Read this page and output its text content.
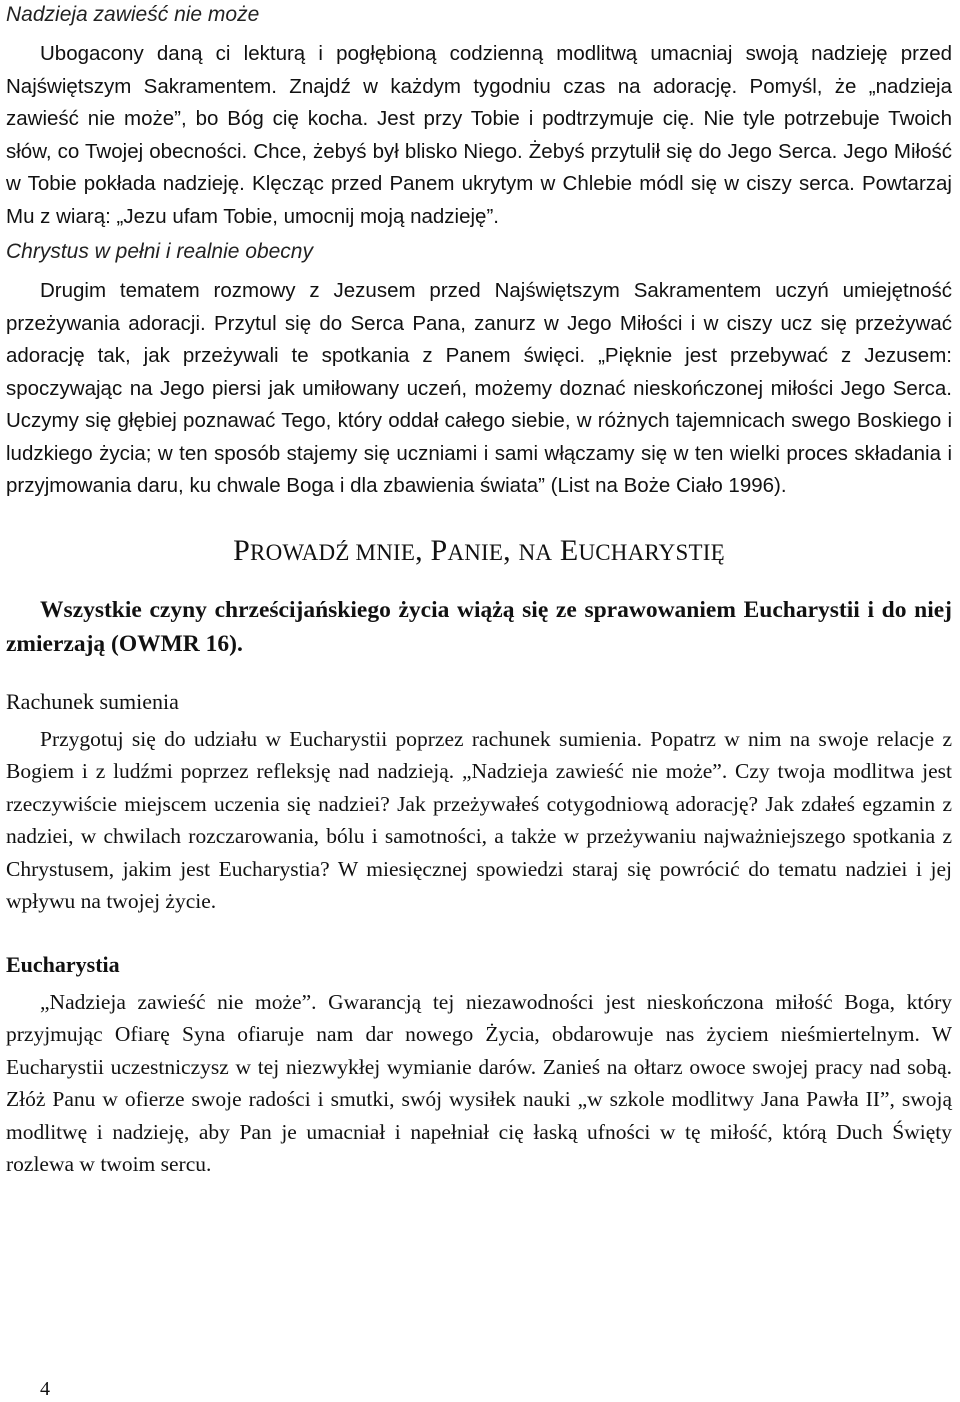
Nadzieja zawieść nie może

Ubogacony daną ci lekturą i pogłębioną codzienną modlitwą umacniaj swoją nadzieję przed Najświętszym Sakramentem. Znajdź w każdym tygodniu czas na adorację. Pomyśl, że „nadzieja zawieść nie może”, bo Bóg cię kocha. Jest przy Tobie i podtrzymuje cię. Nie tyle potrzebuje Twoich słów, co Twojej obecności. Chce, żebyś był blisko Niego. Żebyś przytulił się do Jego Serca. Jego Miłość w Tobie pokłada nadzieję. Klęcząc przed Panem ukrytym w Chlebie módl się w ciszy serca. Powtarzaj Mu z wiarą: „Jezu ufam Tobie, umocnij moją nadzieję”.

Chrystus w pełni i realnie obecny

Drugim tematem rozmowy z Jezusem przed Najświętszym Sakramentem uczyń umiejętność przeżywania adoracji. Przytul się do Serca Pana, zanurz w Jego Miłości i w ciszy ucz się przeżywać adorację tak, jak przeżywali te spotkania z Panem święci. „Pięknie jest przebywać z Jezusem: spoczywając na Jego piersi jak umiłowany uczeń, możemy doznać nieskończonej miłości Jego Serca. Uczymy się głębiej poznawać Tego, który oddał całego siebie, w różnych tajemnicach swego Boskiego i ludzkiego życia; w ten sposób stajemy się uczniami i sami włączamy się w ten wielki proces składania i przyjmowania daru, ku chwale Boga i dla zbawienia świata” (List na Boże Ciało 1996).

PROWADŹ MNIE, PANIE, NA EUCHARYSTIĘ

Wszystkie czyny chrześcijańskiego życia wiążą się ze sprawowaniem Eucharystii i do niej zmierzają (OWMR 16).

Rachunek sumienia

Przygotuj się do udziału w Eucharystii poprzez rachunek sumienia. Popatrz w nim na swoje relacje z Bogiem i z ludźmi poprzez refleksję nad nadzieją. „Nadzieja zawieść nie może”. Czy twoja modlitwa jest rzeczywiście miejscem uczenia się nadziei? Jak przeżywałeś cotygodniową adorację? Jak zdałeś egzamin z nadziei, w chwilach rozczarowania, bólu i samotności, a także w przeżywaniu najważniejszego spotkania z Chrystusem, jakim jest Eucharystia? W miesięcznej spowiedzi staraj się powrócić do tematu nadziei i jej wpływu na twojej życie.

Eucharystia

„Nadzieja zawieść nie może”. Gwarancją tej niezawodności jest nieskończona miłość Boga, który przyjmując Ofiarę Syna ofiaruje nam dar nowego Życia, obdarowuje nas życiem nieśmiertelnym. W Eucharystii uczestniczysz w tej niezwykłej wymianie darów. Zanieś na ołtarz owoce swojej pracy nad sobą. Złóż Panu w ofierze swoje radości i smutki, swój wysiłek nauki „w szkole modlitwy Jana Pawła II”, swoją modlitwę i nadzieję, aby Pan je umacniał i napełniał cię łaską ufności w tę miłość, którą Duch Święty rozlewa w twoim sercu.

4
